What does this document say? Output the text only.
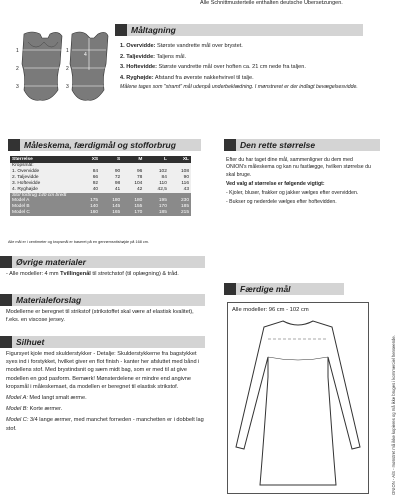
Alle Schnittmusterteile enthalten deutsche Übersetzungen.
1
2
3
4
1
2
3
Måltagning
1. Overvidde: Største vandrette mål over brystet.
2. Taljevidde: Taljens mål.
3. Hoftevidde: Største vandrette mål over hoften ca. 21 cm nede fra taljen.
4. Ryghøjde: Afstand fra øverste nakkehvirvel til talje.
Målene tages som "stramt" mål udenpå underbeklædning. I mønstreret er der indlagt bevægelsesvidde.
Måleskema, færdigmål og stofforbrug
Størrelse	XS	S	M	L	XL
Kropsmål:					
1. Overvidde	84	90	96	102	108
2. Taljevidde	66	72	78	84	90
3. Hoftevidde	92	98	104	110	116
4. Ryghøjde	40	41	42	42,5	43
Stof forbrug 140 cm bredt					
Model A	175	180	180	195	230
Model B	140	145	155	170	185
Model C	160	165	170	185	215
Alle mål er i centimeter og kropsmål er baseret på en gennemsnitshøjde på 168 cm.
Den rette størrelse

Efter du har taget dine mål, sammenligner du dem med ONION's måleskema og kan nu fastlægge, hvilken størrelse du skal bruge.

Ved valg af størrelse er følgende vigtigt:

- Kjoler, bluser, frakker og jakker vælges efter overvidden.

- Bukser og nederdele vælges efter hoftevidden.

Øvrige materialer
- Alle modeller: 4 mm Tvillingenål til stretchstof (til oplægning) & tråd.
Materialeforslag
Modellerne er beregnet til strikstof (strikstoffet skal være af elastisk kvalitet), f.eks. en viscose jersey.
Silhuet

Figursyet kjole med skulderstykker - Detalje: Skulderstykkerne fra bagstykket syes ind i forstykket, hvilket giver en flot finish - kanter her afsluttet med bånd i modellens stof. Med brystindsnit og sæm midt bag, som er med til at give modellen en god pasform. Bemærk! Mønsterdelene er mindre end angivne kropsmål i måleskemaet, da modellen er beregnet til elastisk strikstof.

Model A: Med langt smalt ærme.

Model B: Korte ærmer.

Model C: 3/4 lange ærmer, med manchet forneden - manchetten er i dobbelt lag stof.

Færdige mål
Alle modeller: 96 cm - 102 cm
ONION - A/S - mønstret må ikke kopieres og må ikke bruges i kommerciel henseende.
